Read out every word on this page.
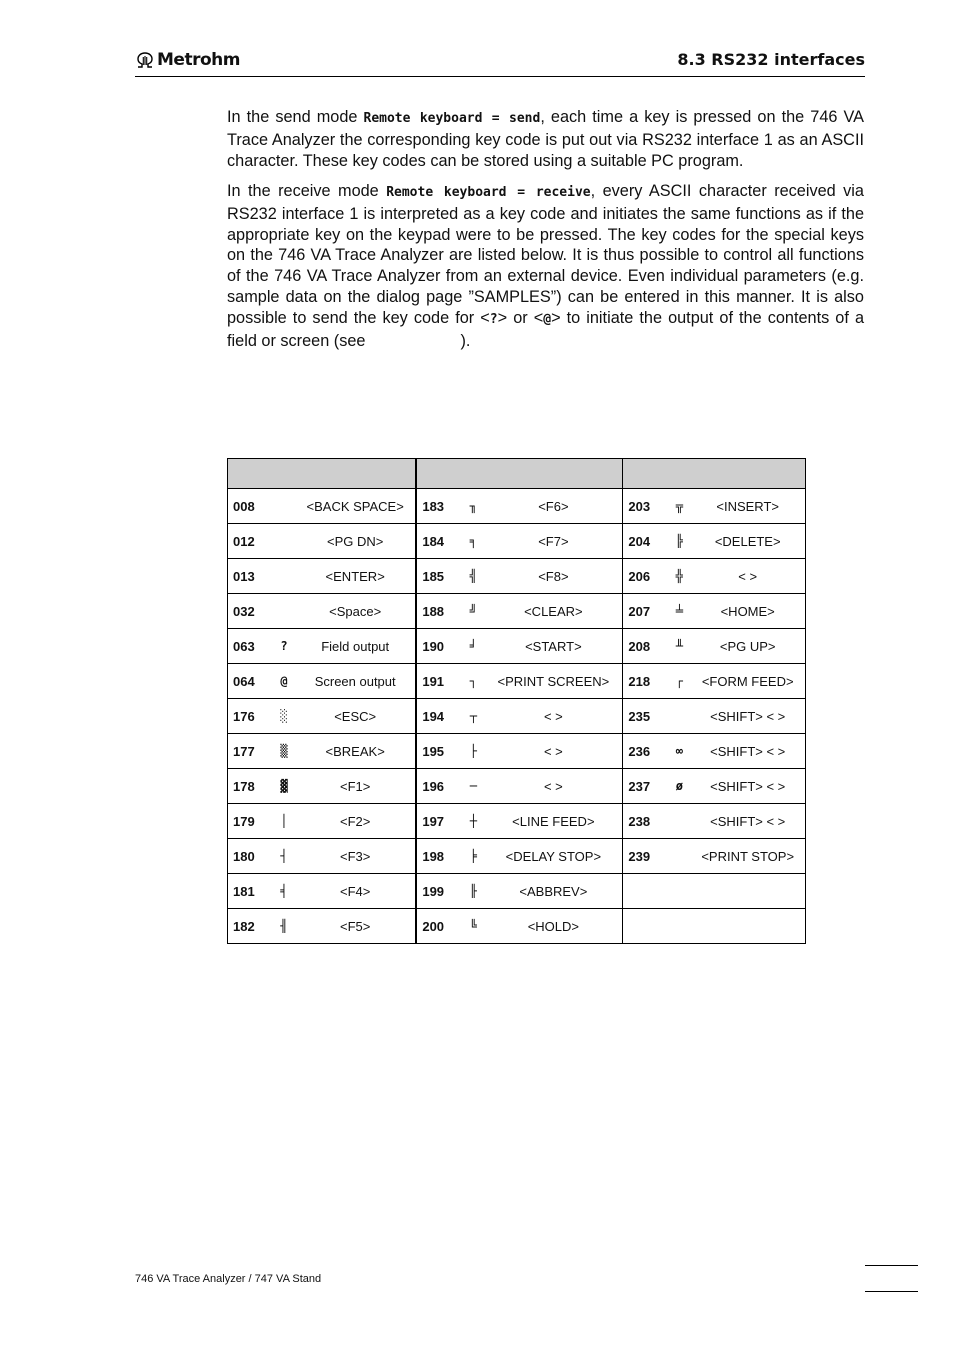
Metrohm	8.3 RS232 interfaces

In the send mode Remote keyboard = send, each time a key is pressed on the 746 VA Trace Analyzer the corresponding key code is put out via RS232 interface 1 as an ASCII character. These key codes can be stored using a suitable PC program.

In the receive mode Remote keyboard = receive, every ASCII character received via RS232 interface 1 is interpreted as a key code and initiates the same functions as if the appropriate key on the keypad were to be pressed. The key codes for the special keys on the 746 VA Trace Analyzer are listed below. It is thus possible to control all functions of the 746 VA Trace Analyzer from an external device. Even individual parameters (e.g. sample data on the dialog page ”SAMPLES”) can be entered in this manner. It is also possible to send the key code for <?> or <@> to initiate the output of the contents of a field or screen (see	).

008		<BACK SPACE>	183	╖	<F6>	203	╦	<INSERT>
012		<PG DN>	184	╕	<F7>	204	╠	<DELETE>
013		<ENTER>	185	╣	<F8>	206	╬	< >
032		<Space>	188	╝	<CLEAR>	207	╧	<HOME>
063	?	Field output	190	╛	<START>	208	╨	<PG UP>
064	@	Screen output	191	┐	<PRINT SCREEN>	218	┌	<FORM FEED>
176	░	<ESC>	194	┬	< >	235		<SHIFT> < >
177	▒	<BREAK>	195	├	< >	236	∞	<SHIFT> < >
178	▓	<F1>	196	─	< >	237	ø	<SHIFT> < >
179	│	<F2>	197	┼	<LINE FEED>	238		<SHIFT> < >
180	┤	<F3>	198	╞	<DELAY STOP>	239		<PRINT STOP>
181	╡	<F4>	199	╟	<ABBREV>			
182	╢	<F5>	200	╚	<HOLD>			
746 VA Trace Analyzer / 747 VA Stand
